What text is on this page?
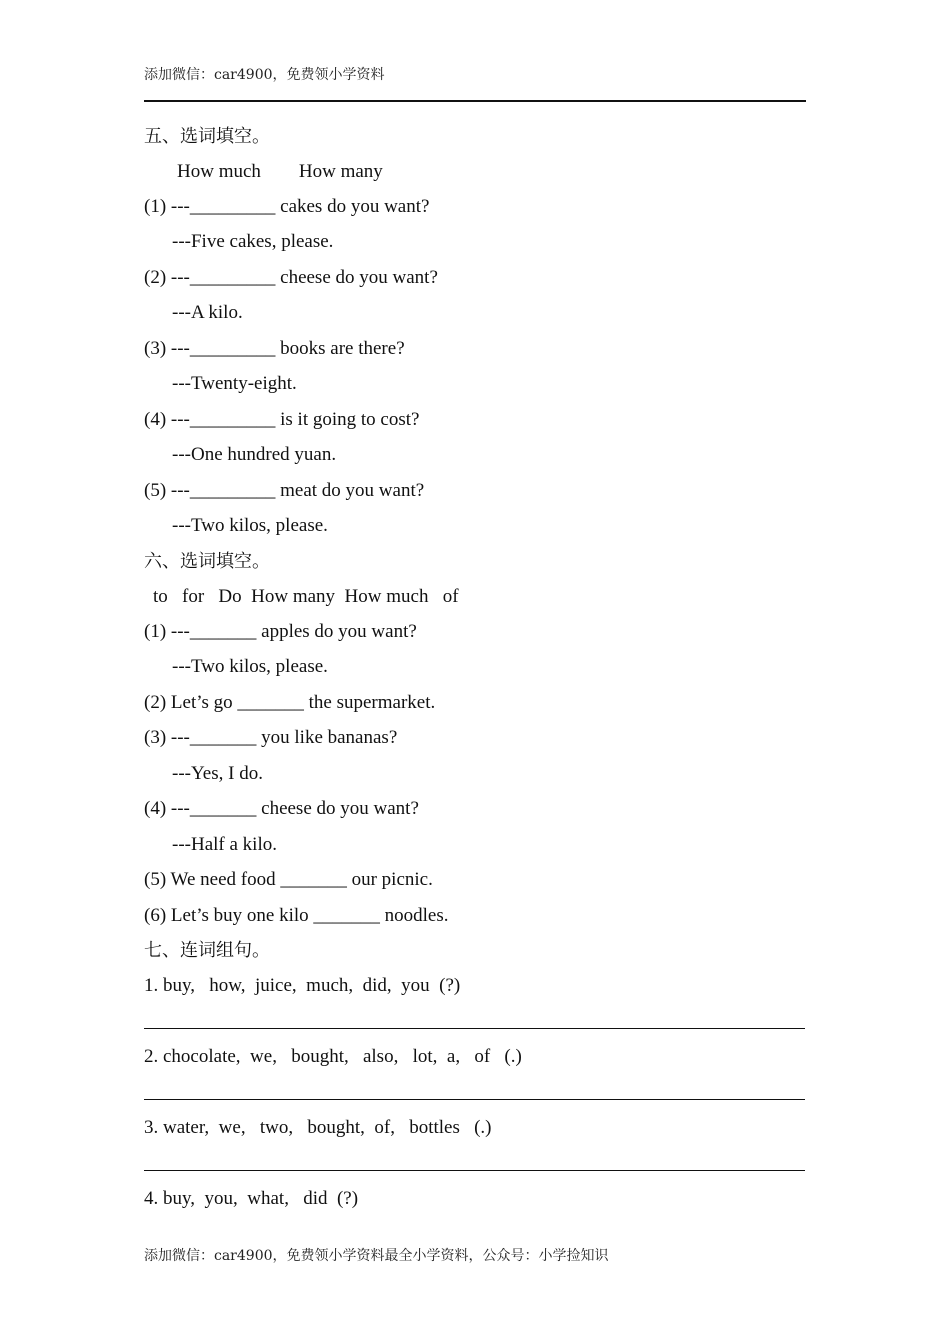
添加微信：car4900，免费领小学资料
五、选词填空。
How much        How many
(1) ---_________ cakes do you want?
---Five cakes, please.
(2) ---_________ cheese do you want?
---A kilo.
(3) ---_________ books are there?
---Twenty-eight.
(4) ---_________ is it going to cost?
---One hundred yuan.
(5) ---_________ meat do you want?
---Two kilos, please.
六、选词填空。
to   for   Do  How many  How much   of
(1) ---_______ apples do you want?
---Two kilos, please.
(2) Let’s go _______ the supermarket.
(3) ---_______ you like bananas?
---Yes, I do.
(4) ---_______ cheese do you want?
---Half a kilo.
(5) We need food _______ our picnic.
(6) Let’s buy one kilo _______ noodles.
七、连词组句。
1. buy,   how,  juice,  much,  did,  you  (?)
2. chocolate,  we,   bought,   also,   lot,  a,   of   (.)
3. water,  we,   two,   bought,  of,   bottles   (.)
4. buy,  you,  what,   did  (?)
添加微信：car4900，免费领小学资料最全小学资料，公众号：小学捡知识
